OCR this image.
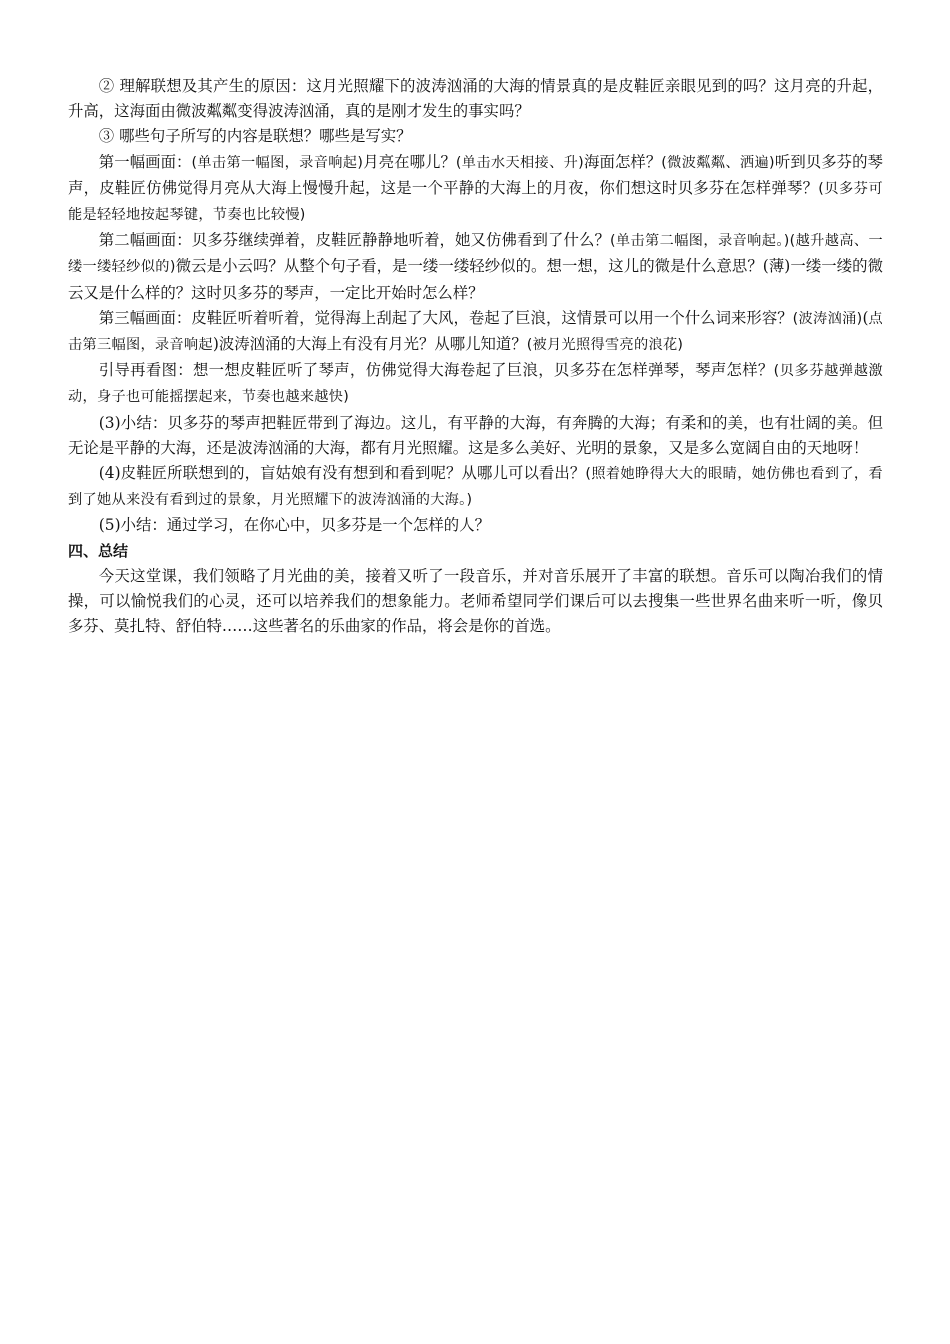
② 理解联想及其产生的原因：这月光照耀下的波涛汹涌的大海的情景真的是皮鞋匠亲眼见到的吗？这月亮的升起，升高，这海面由微波粼粼变得波涛汹涌，真的是刚才发生的事实吗？

③ 哪些句子所写的内容是联想？哪些是写实？

第一幅画面：(单击第一幅图，录音响起)月亮在哪儿？(单击水天相接、升)海面怎样？(微波粼粼、洒遍)听到贝多芬的琴声，皮鞋匠仿佛觉得月亮从大海上慢慢升起，这是一个平静的大海上的月夜，你们想这时贝多芬在怎样弹琴？(贝多芬可能是轻轻地按起琴键，节奏也比较慢)

第二幅画面：贝多芬继续弹着，皮鞋匠静静地听着，她又仿佛看到了什么？(单击第二幅图，录音响起。)(越升越高、一缕一缕轻纱似的)微云是小云吗？从整个句子看，是一缕一缕轻纱似的。想一想，这儿的微是什么意思？(薄)一缕一缕的微云又是什么样的？这时贝多芬的琴声，一定比开始时怎么样？

第三幅画面：皮鞋匠听着听着，觉得海上刮起了大风，卷起了巨浪，这情景可以用一个什么词来形容？(波涛汹涌)(点击第三幅图，录音响起)波涛汹涌的大海上有没有月光？从哪儿知道？(被月光照得雪亮的浪花)

引导再看图：想一想皮鞋匠听了琴声，仿佛觉得大海卷起了巨浪，贝多芬在怎样弹琴，琴声怎样？(贝多芬越弹越激动，身子也可能摇摆起来，节奏也越来越快)

(3)小结：贝多芬的琴声把鞋匠带到了海边。这儿，有平静的大海，有奔腾的大海；有柔和的美，也有壮阔的美。但无论是平静的大海，还是波涛汹涌的大海，都有月光照耀。这是多么美好、光明的景象，又是多么宽阔自由的天地呀！

(4)皮鞋匠所联想到的，盲姑娘有没有想到和看到呢？从哪儿可以看出？(照着她睁得大大的眼睛，她仿佛也看到了，看到了她从来没有看到过的景象，月光照耀下的波涛汹涌的大海。)

(5)小结：通过学习，在你心中，贝多芬是一个怎样的人？

四、总结

今天这堂课，我们领略了月光曲的美，接着又听了一段音乐，并对音乐展开了丰富的联想。音乐可以陶冶我们的情操，可以愉悦我们的心灵，还可以培养我们的想象能力。老师希望同学们课后可以去搜集一些世界名曲来听一听，像贝多芬、莫扎特、舒伯特……这些著名的乐曲家的作品，将会是你的首选。
